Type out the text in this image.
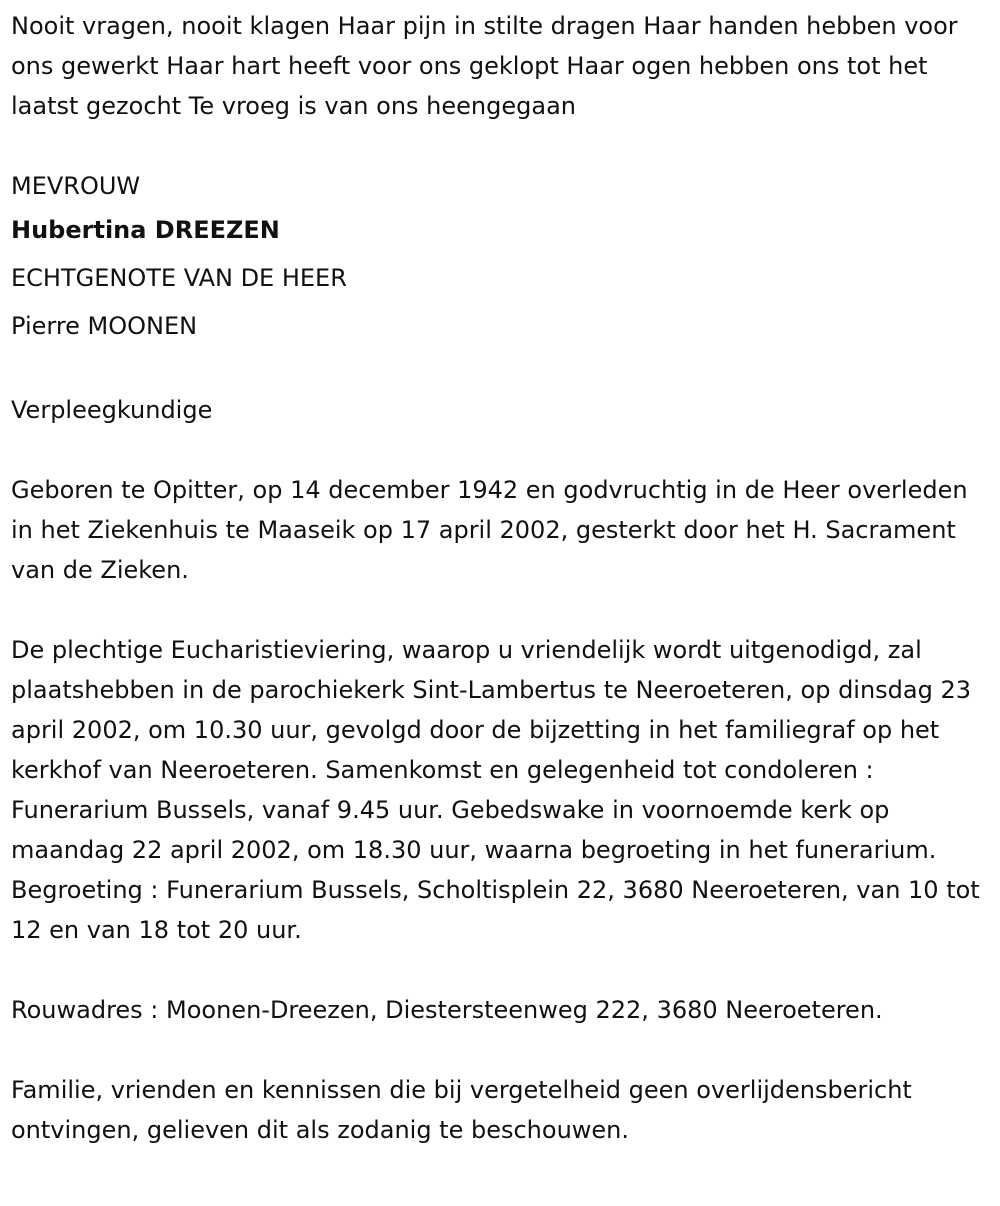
Nooit vragen, nooit klagen Haar pijn in stilte dragen Haar handen hebben voor ons gewerkt Haar hart heeft voor ons geklopt Haar ogen hebben ons tot het laatst gezocht Te vroeg is van ons heengegaan

MEVROUW

Hubertina DREEZEN

ECHTGENOTE VAN DE HEER

Pierre MOONEN

Verpleegkundige

Geboren te Opitter, op 14 december 1942 en godvruchtig in de Heer overleden in het Ziekenhuis te Maaseik op 17 april 2002, gesterkt door het H. Sacrament van de Zieken.

De plechtige Eucharistieviering, waarop u vriendelijk wordt uitgenodigd, zal plaatshebben in de parochiekerk Sint-Lambertus te Neeroeteren, op dinsdag 23 april 2002, om 10.30 uur, gevolgd door de bijzetting in het familiegraf op het kerkhof van Neeroeteren. Samenkomst en gelegenheid tot condoleren : Funerarium Bussels, vanaf 9.45 uur. Gebedswake in voornoemde kerk op maandag 22 april 2002, om 18.30 uur, waarna begroeting in het funerarium. Begroeting : Funerarium Bussels, Scholtisplein 22, 3680 Neeroeteren, van 10 tot 12 en van 18 tot 20 uur.

Rouwadres : Moonen-Dreezen, Diestersteenweg 222, 3680 Neeroeteren.

Familie, vrienden en kennissen die bij vergetelheid geen overlijdensbericht ontvingen, gelieven dit als zodanig te beschouwen.
